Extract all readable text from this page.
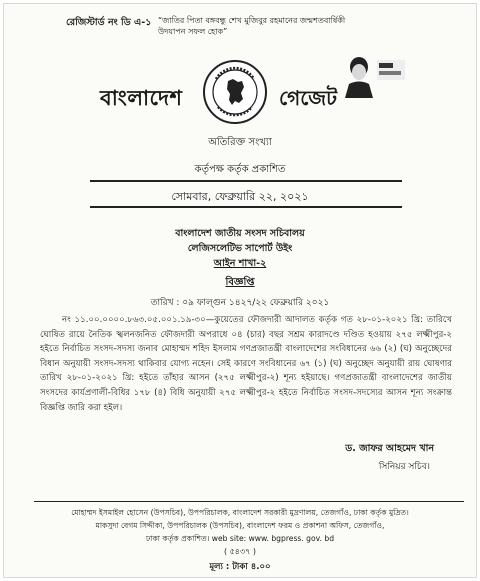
রেজিস্টার্ড নং ডি এ-১ “জাতির পিতা বঙ্গবন্ধু শেখ মুজিবুর রহমানের জন্মশতবার্ষিকী উদযাপন সফল হোক”
বাংলাদেশ	গেজেট
অতিরিক্ত সংখ্যা
কর্তৃপক্ষ কর্তৃক প্রকাশিত
সোমবার, ফেব্রুয়ারি ২২, ২০২১
বাংলাদেশ জাতীয় সংসদ সচিবালয়
লেজিসলেটিভ সাপোর্ট উইং
আইন শাখা-২
বিজ্ঞপ্তি
তারিখ : ০৯ ফাল্গুন ১৪২৭/২২ ফেব্রুয়ারি ২০২১
নং ১১.০০.০০০০.৮৬৩.০৫.০০১.১৯-৩০—কুয়েতের ফৌজদারী আদালত কর্তৃক গত ২৮-০১-২০২১ খ্রি: তারিখে ঘোষিত রায়ে নৈতিক স্খলনজনিত ফৌজদারী অপরাধে ০৪ (চার) বছর সশ্রম কারাদণ্ডে দণ্ডিত হওয়ায় ২৭৫ লক্ষ্মীপুর-২ হইতে নির্বাচিত সংসদ-সদস্য জনাব মোহাম্মদ শহিদ ইসলাম গণপ্রজাতন্ত্রী বাংলাদেশের সংবিধানের ৬৬ (২) (ঘ) অনুচ্ছেদের বিধান অনুযায়ী সংসদ-সদস্য থাকিবার যোগ্য নহেন। সেই কারণে সংবিধানের ৬৭ (১) (ঘ) অনুচ্ছেদ অনুযায়ী রায় ঘোষণার তারিখ ২৮-০১-২০২১ খ্রি: হইতে তাঁহার আসন (২৭৫ লক্ষ্মীপুর-২) শূন্য হইয়াছে। গণপ্রজাতন্ত্রী বাংলাদেশের জাতীয় সংসদের কার্যপ্রণালী-বিধির ১৭৮ (৪) বিধি অনুযায়ী ২৭৫ লক্ষ্মীপুর-২ হইতে নির্বাচিত সংসদ-সদস্যের আসন শূন্য সংক্রান্ত বিজ্ঞপ্তি জারি করা হইল।
ড. জাফর আহমেদ খান
সিনিয়র সচিব।
মোহাম্মদ ইসমাইল হোসেন (উপসচিব), উপপরিচালক, বাংলাদেশ সরকারী মুদ্রণালয়, তেজগাঁও, ঢাকা কর্তৃক মুদ্রিত।
মাকসুদা বেগম সিদ্দীকা, উপপরিচালক (উপসচিব), বাংলাদেশ ফরম ও প্রকাশনা অফিস, তেজগাঁও,
ঢাকা কর্তৃক প্রকাশিত। web site: www. bgpress. gov. bd
( ৫৪৩৭ )
মূল্য : টাকা ৪.০০
